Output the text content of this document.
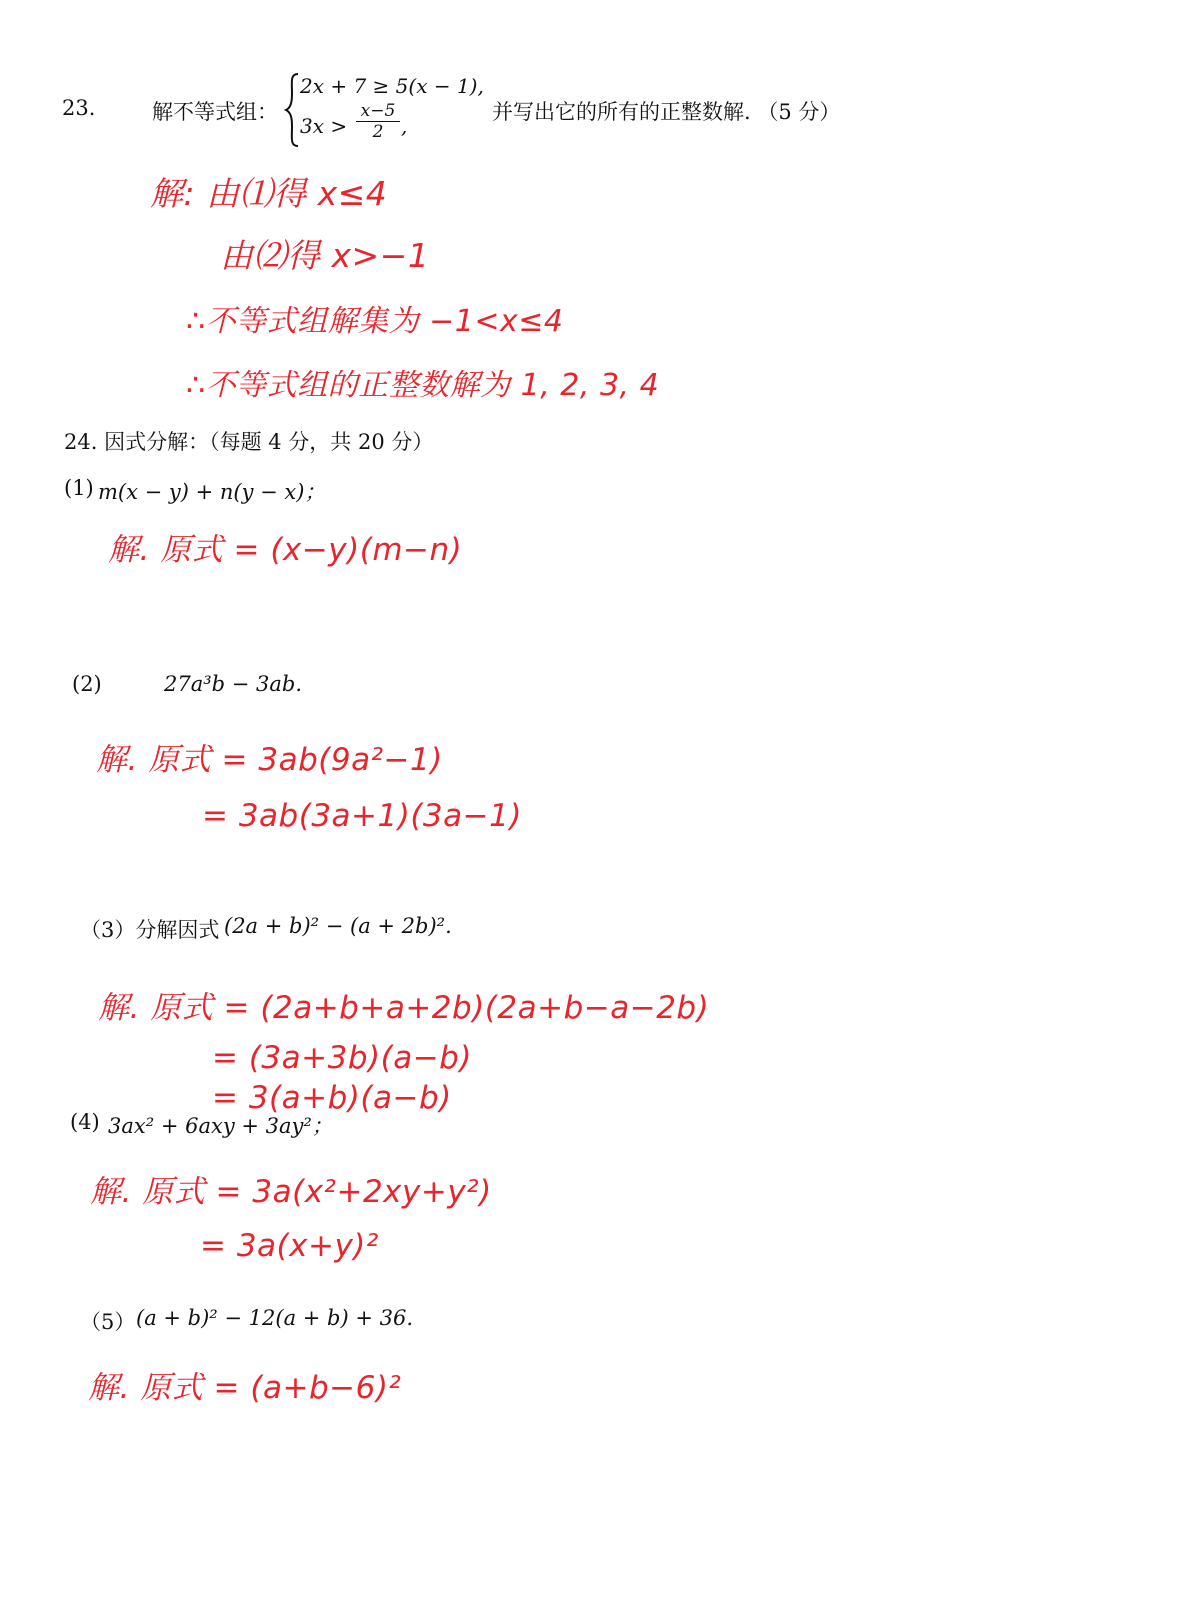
23.	解不等式组：
2x + 7 ≥ 5(x − 1),
$3x > \frac{x-5}{2}$ ,
并写出它的所有的正整数解. （5 分）
解: 由⑴得 x≤4
由⑵得 x>−1
∴不等式组解集为 −1<x≤4
∴不等式组的正整数解为 1, 2, 3, 4
24. 因式分解：（每题 4 分，共 20 分）
(1) m(x − y) + n(y − x)；
解. 原式 = (x−y)(m−n)
(2)	27a³b − 3ab.
解. 原式 = 3ab(9a²−1)
= 3ab(3a+1)(3a−1)
（3）分解因式 (2a + b)² − (a + 2b)².
解. 原式 = (2a+b+a+2b)(2a+b−a−2b)
= (3a+3b)(a−b)
= 3(a+b)(a−b)
(4) 3ax² + 6axy + 3ay²；
解. 原式 = 3a(x²+2xy+y²)
= 3a(x+y)²
（5） (a + b)² − 12(a + b) + 36.
解. 原式 = (a+b−6)²
